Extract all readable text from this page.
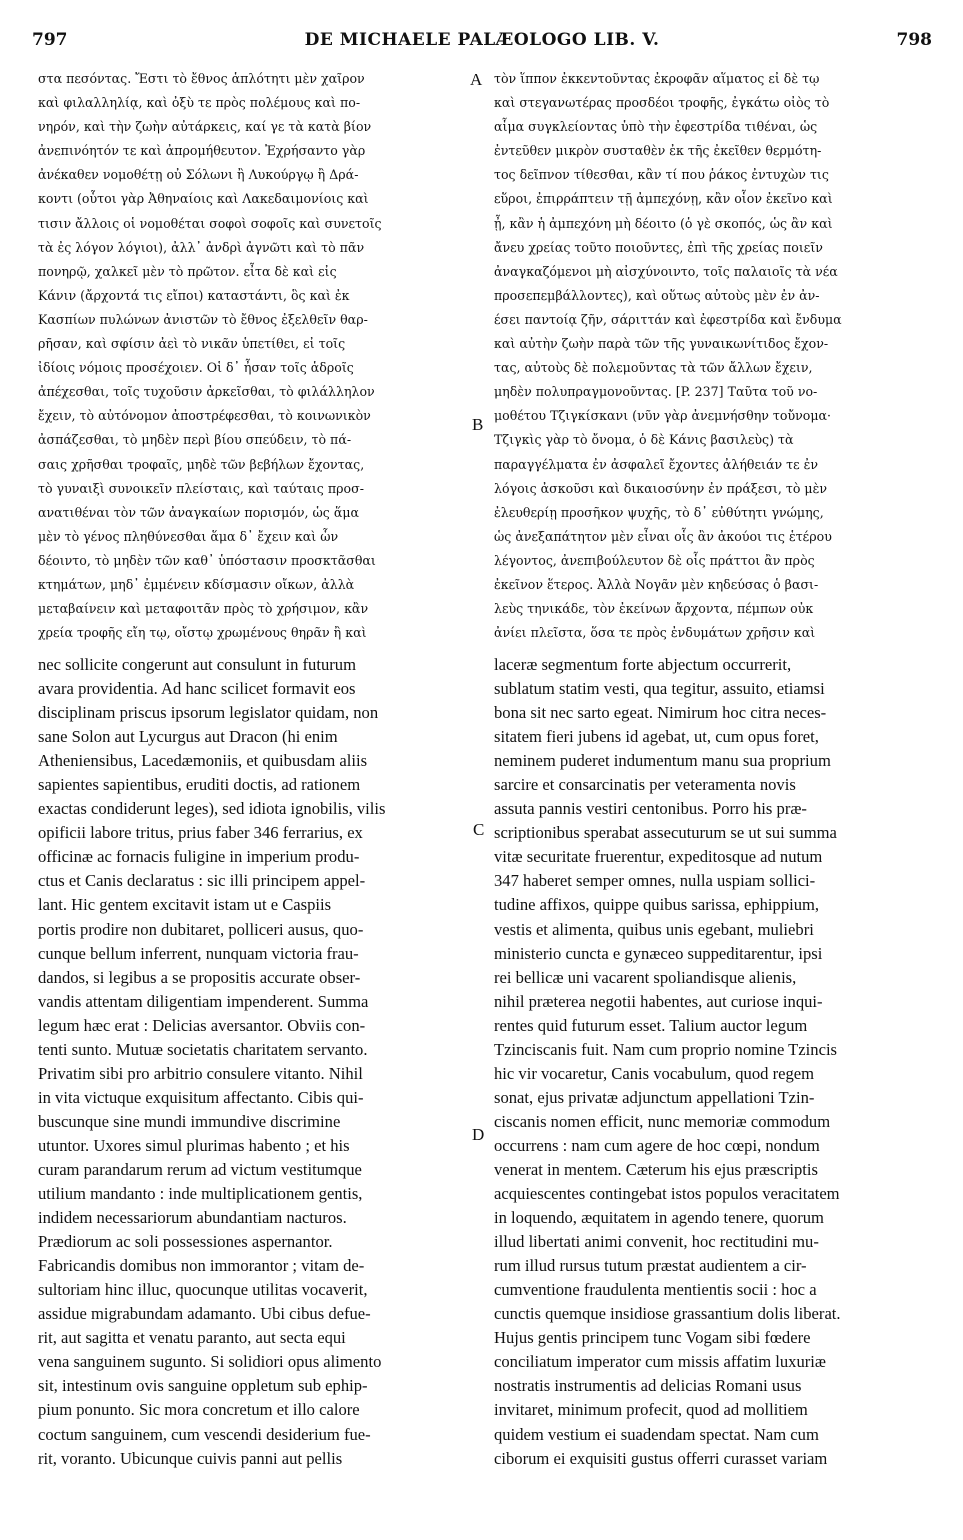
797	DE MICHAELE PALÆOLOGO LIB. V.	798
στα πεσόντας. Ἔστι τὸ ἔθνος ἁπλότητι μὲν χαῖρον
καὶ φιλαλληλίᾳ, καὶ ὀξὺ τε πρὸς πολέμους καὶ πο-
νηρόν, καὶ τὴν ζωὴν αὐτάρκεις, καί γε τὰ κατὰ βίον
ἀνεπινόητόν τε καὶ ἀπρομήθευτον. Ἐχρήσαντο γὰρ
ἀνέκαθεν νομοθέτῃ οὐ Σόλωνι ἢ Λυκούργῳ ἢ Δρά-
κοντι (οὗτοι γὰρ Ἀθηναίοις καὶ Λακεδαιμονίοις καὶ
τισιν ἄλλοις οἱ νομοθέται σοφοὶ σοφοῖς καὶ συνετοῖς
τὰ ἐς λόγον λόγιοι), ἀλλ᾽ ἀνδρὶ ἀγνῶτι καὶ τὸ πᾶν
πονηρῷ, χαλκεῖ μὲν τὸ πρῶτον. εἶτα δὲ καὶ εἰς
Κάνιν (ἄρχοντά τις εἴποι) καταστάντι, ὃς καὶ ἐκ
Κασπίων πυλώνων ἀνιστῶν τὸ ἔθνος ἐξελθεῖν θαρ-
ρῆσαν, καὶ σφίσιν ἀεὶ τὸ νικᾶν ὑπετίθει, εἰ τοῖς
ἰδίοις νόμοις προσέχοιεν. Οἱ δ᾽ ἦσαν τοῖς ἁδροῖς
ἀπέχεσθαι, τοῖς τυχοῦσιν ἀρκεῖσθαι, τὸ φιλάλληλον
ἔχειν, τὸ αὐτόνομον ἀποστρέφεσθαι, τὸ κοινωνικὸν
ἀσπάζεσθαι, τὸ μηδὲν περὶ βίου σπεύδειν, τὸ πά-
σαις χρῆσθαι τροφαῖς, μηδὲ τῶν βεβήλων ἔχοντας,
τὸ γυναιξὶ συνοικεῖν πλείσταις, καὶ ταύταις προσ-
ανατιθέναι τὸν τῶν ἀναγκαίων πορισμόν, ὡς ἅμα
μὲν τὸ γένος πληθύνεσθαι ἅμα δ᾽ ἔχειν καὶ ὧν
δέοιντο, τὸ μηδὲν τῶν καθ᾽ ὑπόστασιν προσκτᾶσθαι
κτημάτων, μηδ᾽ ἐμμένειν κδίσμασιν οἴκων, ἀλλὰ
μεταβαίνειν καὶ μεταφοιτᾶν πρὸς τὸ χρήσιμον, κἂν
χρεία τροφῆς εἴη τῳ, οἴστῳ χρωμένους θηρᾶν ἢ καὶ
τὸν ἵππον ἐκκεντοῦντας ἐκροφᾶν αἵματος εἰ δὲ τῳ
καὶ στεγανωτέρας προσδέοι τροφῆς, ἐγκάτω οἰὸς τὸ
αἷμα συγκλείοντας ὑπὸ τὴν ἐφεστρίδα τιθέναι, ὡς
ἐντεῦθεν μικρὸν συσταθὲν ἐκ τῆς ἐκεῖθεν θερμότη-
τος δεῖπνον τίθεσθαι, κἂν τί που ῥάκος ἐντυχὼν τις
εὕροι, ἐπιρράπτειν τῇ ἀμπεχόνῃ, κἂν οἷον ἐκεῖνο καὶ
ᾖ, κἂν ἡ ἀμπεχόνη μὴ δέοιτο (ὁ γὲ σκοπός, ὡς ἂν καὶ
ἄνευ χρείας τοῦτο ποιοῦντες, ἐπὶ τῆς χρείας ποιεῖν
ἀναγκαζόμενοι μὴ αἰσχύνοιντο, τοῖς παλαιοῖς τὰ νέα
προσεπεμβάλλοντες), καὶ οὕτως αὐτοὺς μὲν ἐν ἀν-
έσει παντοίᾳ ζῆν, σάριττάν καὶ ἐφεστρίδα καὶ ἔνδυμα
καὶ αὐτὴν ζωὴν παρὰ τῶν τῆς γυναικωνίτιδος ἔχον-
τας, αὐτοὺς δὲ πολεμοῦντας τὰ τῶν ἄλλων ἔχειν,
μηδὲν πολυπραγμονοῦντας. [P. 237] Ταῦτα τοῦ νο-
μοθέτου Τζιγκίσκανι (νῦν γὰρ ἀνεμνήσθην τοὔνομα·
Τζιγκὶς γὰρ τὸ ὄνομα, ὁ δὲ Κάνις βασιλεὺς) τὰ
παραγγέλματα ἐν ἀσφαλεῖ ἔχοντες ἀλήθειάν τε ἐν
λόγοις ἀσκοῦσι καὶ δικαιοσύνην ἐν πράξεσι, τὸ μὲν
ἐλευθερίῃ προσῆκον ψυχῆς, τὸ δ᾽ εὐθύτητι γνώμης,
ὡς ἀνεξαπάτητον μὲν εἶναι οἷς ἂν ἀκούοι τις ἑτέρου
λέγοντος, ἀνεπιβούλευτον δὲ οἷς πράττοι ἂν πρὸς
ἐκεῖνον ἕτερος. Ἀλλὰ Νογᾶν μὲν κηδεύσας ὁ βασι-
λεὺς τηνικάδε, τὸν ἐκείνων ἄρχοντα, πέμπων οὐκ
ἀνίει πλεῖστα, ὅσα τε πρὸς ἐνδυμάτων χρῆσιν καὶ
nec sollicite congerunt aut consulunt in futurum
avara providentia. Ad hanc scilicet formavit eos
disciplinam priscus ipsorum legislator quidam, non
sane Solon aut Lycurgus aut Dracon (hi enim
Atheniensibus, Lacedæmoniis, et quibusdam aliis
sapientes sapientibus, eruditi doctis, ad rationem
exactas condiderunt leges), sed idiota ignobilis, vilis
opificii labore tritus, prius faber 346 ferrarius, ex
officinæ ac fornacis fuligine in imperium produ-
ctus et Canis declaratus : sic illi principem appel-
lant. Hic gentem excitavit istam ut e Caspiis
portis prodire non dubitaret, polliceri ausus, quo-
cunque bellum inferrent, nunquam victoria frau-
dandos, si legibus a se propositis accurate obser-
vandis attentam diligentiam impenderent. Summa
legum hæc erat : Delicias aversantor. Obviis con-
tenti sunto. Mutuæ societatis charitatem servanto.
Privatim sibi pro arbitrio consulere vitanto. Nihil
in vita victuque exquisitum affectanto. Cibis qui-
buscunque sine mundi immundive discrimine
utuntor. Uxores simul plurimas habento ; et his
curam parandarum rerum ad victum vestitumque
utilium mandanto : inde multiplicationem gentis,
indidem necessariorum abundantiam nacturos.
Prædiorum ac soli possessiones aspernantor.
Fabricandis domibus non immorantor ; vitam de-
sultoriam hinc illuc, quocunque utilitas vocaverit,
assidue migrabundam adamanto. Ubi cibus defue-
rit, aut sagitta et venatu paranto, aut secta equi
vena sanguinem suguntо. Si solidiori opus alimento
sit, intestinum ovis sanguine oppletum sub ephip-
pium ponunto. Sic mora concretum et illo calore
coctum sanguinem, cum vescendi desiderium fue-
rit, voranto. Ubicunque cuivis panni aut pellis
laceræ segmentum forte abjectum occurrerit,
sublatum statim vesti, qua tegitur, assuito, etiamsi
bona sit nec sarto egeat. Nimirum hoc citra neces-
sitatem fieri jubens id agebat, ut, cum opus foret,
neminem puderet indumentum manu sua proprium
sarcire et consarcinatis per veteramenta novis
assuta pannis vestiri centonibus. Porro his præ-
scriptionibus sperabat assecuturum se ut sui summa
vitæ securitate fruerentur, expeditosque ad nutum
347 haberet semper omnes, nulla uspiam sollici-
tudine affixos, quippe quibus sarissa, ephippium,
vestis et alimenta, quibus unis egebant, muliebri
ministerio cuncta e gynæceo suppeditarentur, ipsi
rei bellicæ uni vacarent spoliandisque alienis,
nihil præterea negotii habentes, aut curiose inqui-
rentes quid futurum esset. Talium auctor legum
Tzinciscanis fuit. Nam cum proprio nomine Tzincis
hic vir vocaretur, Canis vocabulum, quod regem
sonat, ejus privatæ adjunctum appellationi Tzin-
ciscanis nomen efficit, nunc memoriæ commodum
occurrens : nam cum agere de hoc cœpi, nondum
venerat in mentem. Cæterum his ejus præscriptis
acquiescentes contingebat istos populos veracitatem
in loquendo, æquitatem in agendo tenere, quorum
illud libertati animi convenit, hoc rectitudini mu-
rum illud rursus tutum præstat audientem a cir-
cumventione fraudulenta mentientis socii : hoc a
cunctis quemque insidiose grassantium dolis liberat.
Hujus gentis principem tunc Vogam sibi fœdere
conciliatum imperator cum missis affatim luxuriæ
nostratis instrumentis ad delicias Romani usus
invitaret, minimum profecit, quod ad mollitiem
quidem vestium ei suadendam spectat. Nam cum
ciborum ei exquisiti gustus offerri curasset variam
A
B
C
D
